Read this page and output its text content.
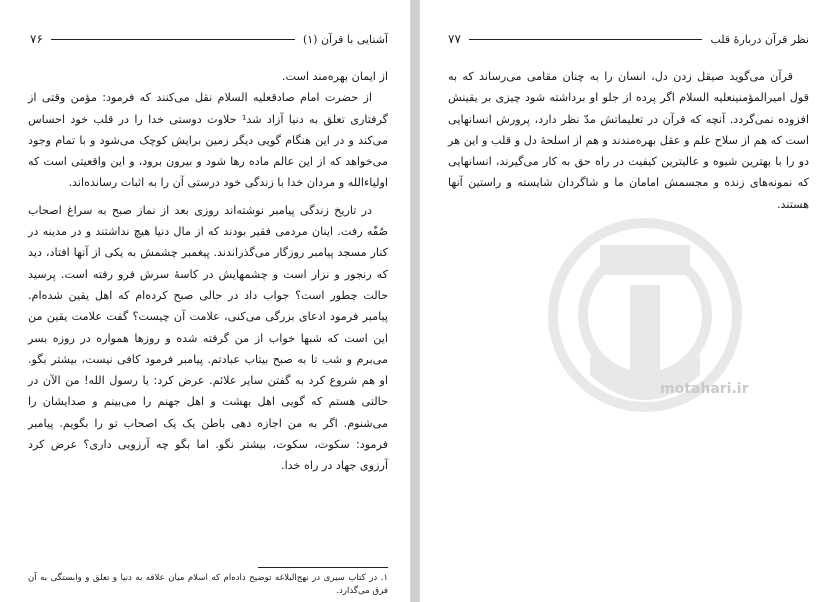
۷۶	آشنایی با قرآن (۱)

از ایمان بهره‌مند است.

از حضرت امام صادقعليه السلام نقل می‌کنند که فرمود: مؤمن وقتی از گرفتاری تعلق به دنیا آزاد شد¹ حلاوت دوستی خدا را در قلب خود احساس می‌کند و در این هنگام گویی دیگر زمین برایش کوچک می‌شود و با تمام وجود می‌خواهد که از این عالم ماده رها شود و بیرون برود، و این واقعیتی است که اولیاءالله و مردان خدا با زندگی خود درستی آن را به اثبات رسانده‌اند.

در تاریخ زندگی پیامبر نوشته‌اند روزی بعد از نماز صبح به سراغ اصحاب صُفّه رفت. اینان مردمی فقیر بودند که از مال دنیا هیچ نداشتند و در مدینه در کنار مسجد پیامبر روزگار می‌گذراندند. پیغمبر چشمش به یکی از آنها افتاد، دید که رنجور و نزار است و چشمهایش در کاسهٔ سرش فرو رفته است. پرسید حالت چطور است؟ جواب داد در حالی صبح کرده‌ام که اهل یقین شده‌ام. پیامبر فرمود ادعای بزرگی می‌کنی، علامت آن چیست؟ گفت علامت یقین من این است که شبها خواب از من گرفته شده و روزها همواره در روزه بسر می‌برم و شب تا به صبح بیتاب عبادتم. پیامبر فرمود کافی نیست، بیشتر بگو. او هم شروع کرد به گفتن سایر علائم. عرض کرد: یا رسول الله! من الآن در حالتی هستم که گویی اهل بهشت و اهل جهنم را می‌بینم و صدایشان را می‌شنوم. اگر به من اجازه دهی باطن یک یک اصحاب تو را بگویم. پیامبر فرمود: سکوت، سکوت، بیشتر نگو. اما بگو چه آرزویی داری؟ عرض کرد آرزوی جهاد در راه خدا.

۱. در کتاب سیری در نهج‌البلاغه توضیح داده‌ام که اسلام میان علاقه به دنیا و تعلق و وابستگی به آن فرق می‌گذارد.
۷۷	نظر قرآن دربارهٔ قلب

قرآن می‌گوید صیقل زدن دل، انسان را به چنان مقامی می‌رساند که به قول امیرالمؤمنینعليه السلام اگر پرده از جلو او برداشته شود چیزی بر یقینش افزوده نمی‌گردد. آنچه که قرآن در تعلیماتش مدّ نظر دارد، پرورش انسانهایی است که هم از سلاح علم و عقل بهره‌مندند و هم از اسلحهٔ دل و قلب و این هر دو را با بهترین شیوه و عالیترین کیفیت در راه حق به کار می‌گیرند، انسانهایی که نمونه‌های زنده و مجسمش امامان ما و شاگردان شایسته و راستین آنها هستند.

motahari.ir
